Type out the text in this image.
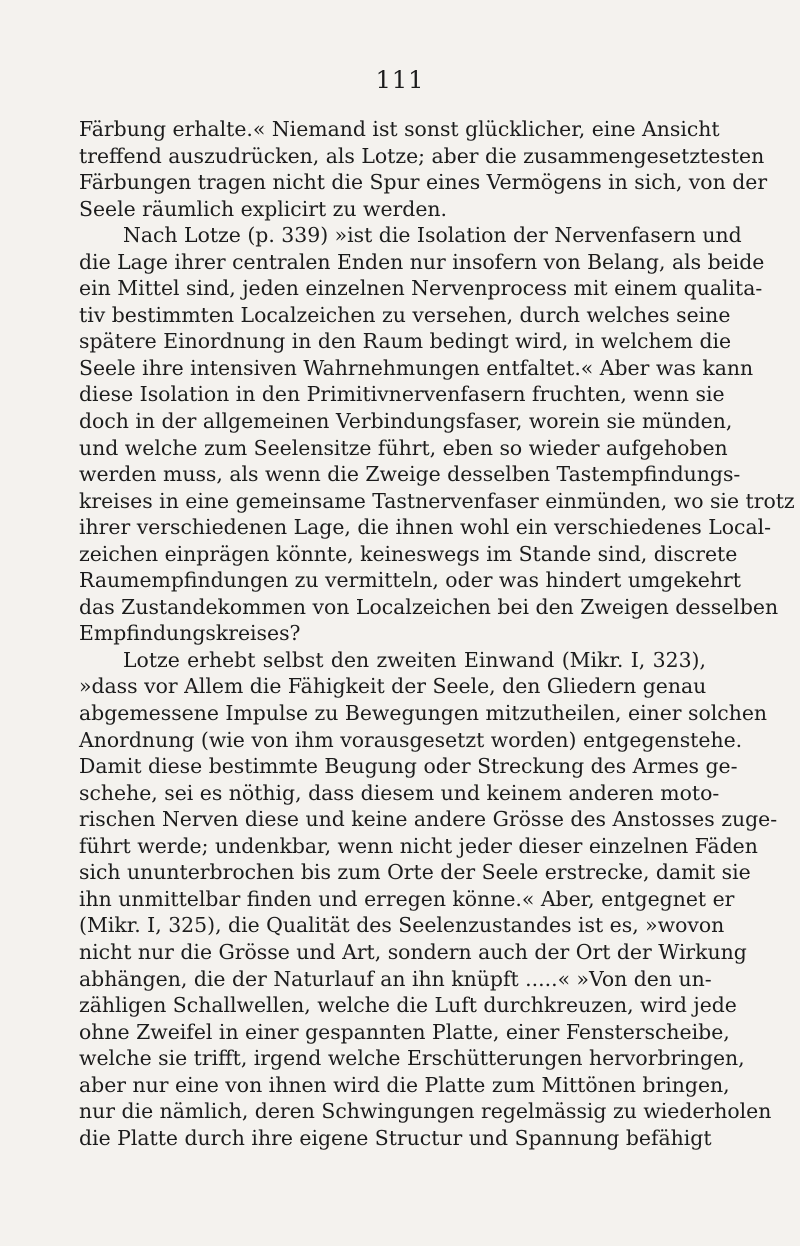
111
Färbung erhalte.« Niemand ist sonst glücklicher, eine Ansicht
treffend auszudrücken, als Lotze; aber die zusammengesetztesten
Färbungen tragen nicht die Spur eines Vermögens in sich, von der
Seele räumlich explicirt zu werden.
Nach Lotze (p. 339) »ist die Isolation der Nervenfasern und
die Lage ihrer centralen Enden nur insofern von Belang, als beide
ein Mittel sind, jeden einzelnen Nervenprocess mit einem qualita-
tiv bestimmten Localzeichen zu versehen, durch welches seine
spätere Einordnung in den Raum bedingt wird, in welchem die
Seele ihre intensiven Wahrnehmungen entfaltet.« Aber was kann
diese Isolation in den Primitivnervenfasern fruchten, wenn sie
doch in der allgemeinen Verbindungsfaser, worein sie münden,
und welche zum Seelensitze führt, eben so wieder aufgehoben
werden muss, als wenn die Zweige desselben Tastempfindungs-
kreises in eine gemeinsame Tastnervenfaser einmünden, wo sie trotz
ihrer verschiedenen Lage, die ihnen wohl ein verschiedenes Local-
zeichen einprägen könnte, keineswegs im Stande sind, discrete
Raumempfindungen zu vermitteln, oder was hindert umgekehrt
das Zustandekommen von Localzeichen bei den Zweigen desselben
Empfindungskreises?
Lotze erhebt selbst den zweiten Einwand (Mikr. I, 323),
»dass vor Allem die Fähigkeit der Seele, den Gliedern genau
abgemessene Impulse zu Bewegungen mitzutheilen, einer solchen
Anordnung (wie von ihm vorausgesetzt worden) entgegenstehe.
Damit diese bestimmte Beugung oder Streckung des Armes ge-
schehe, sei es nöthig, dass diesem und keinem anderen moto-
rischen Nerven diese und keine andere Grösse des Anstosses zuge-
führt werde; undenkbar, wenn nicht jeder dieser einzelnen Fäden
sich ununterbrochen bis zum Orte der Seele erstrecke, damit sie
ihn unmittelbar finden und erregen könne.« Aber, entgegnet er
(Mikr. I, 325), die Qualität des Seelenzustandes ist es, »wovon
nicht nur die Grösse und Art, sondern auch der Ort der Wirkung
abhängen, die der Naturlauf an ihn knüpft .....« »Von den un-
zähligen Schallwellen, welche die Luft durchkreuzen, wird jede
ohne Zweifel in einer gespannten Platte, einer Fensterscheibe,
welche sie trifft, irgend welche Erschütterungen hervorbringen,
aber nur eine von ihnen wird die Platte zum Mittönen bringen,
nur die nämlich, deren Schwingungen regelmässig zu wiederholen
die Platte durch ihre eigene Structur und Spannung befähigt
